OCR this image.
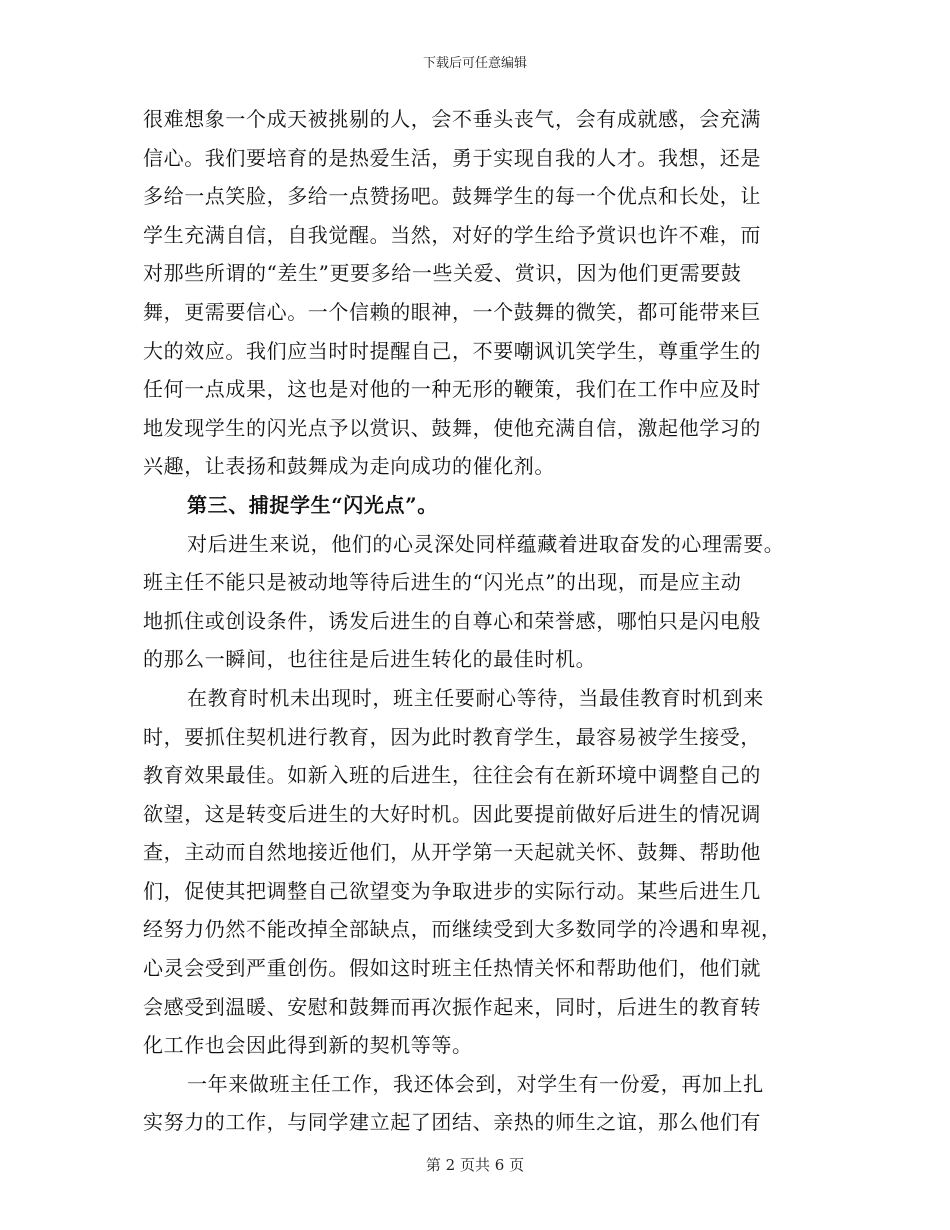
下载后可任意编辑
很难想象一个成天被挑剔的人，会不垂头丧气，会有成就感，会充满
信心。我们要培育的是热爱生活，勇于实现自我的人才。我想，还是
多给一点笑脸，多给一点赞扬吧。鼓舞学生的每一个优点和长处，让
学生充满自信，自我觉醒。当然，对好的学生给予赏识也许不难，而
对那些所谓的“差生”更要多给一些关爱、赏识，因为他们更需要鼓
舞，更需要信心。一个信赖的眼神，一个鼓舞的微笑，都可能带来巨
大的效应。我们应当时时提醒自己，不要嘲讽讥笑学生，尊重学生的
任何一点成果，这也是对他的一种无形的鞭策，我们在工作中应及时
地发现学生的闪光点予以赏识、鼓舞，使他充满自信，激起他学习的
兴趣，让表扬和鼓舞成为走向成功的催化剂。
第三、捕捉学生“闪光点”。
对后进生来说，他们的心灵深处同样蕴藏着进取奋发的心理需要。
班主任不能只是被动地等待后进生的“闪光点”的出现，而是应主动
地抓住或创设条件，诱发后进生的自尊心和荣誉感，哪怕只是闪电般
的那么一瞬间，也往往是后进生转化的最佳时机。
在教育时机未出现时，班主任要耐心等待，当最佳教育时机到来
时，要抓住契机进行教育，因为此时教育学生，最容易被学生接受，
教育效果最佳。如新入班的后进生，往往会有在新环境中调整自己的
欲望，这是转变后进生的大好时机。因此要提前做好后进生的情况调
查，主动而自然地接近他们，从开学第一天起就关怀、鼓舞、帮助他
们，促使其把调整自己欲望变为争取进步的实际行动。某些后进生几
经努力仍然不能改掉全部缺点，而继续受到大多数同学的冷遇和卑视，
心灵会受到严重创伤。假如这时班主任热情关怀和帮助他们，他们就
会感受到温暖、安慰和鼓舞而再次振作起来，同时，后进生的教育转
化工作也会因此得到新的契机等等。
一年来做班主任工作，我还体会到，对学生有一份爱，再加上扎
实努力的工作，与同学建立起了团结、亲热的师生之谊，那么他们有
第 2 页共 6 页
